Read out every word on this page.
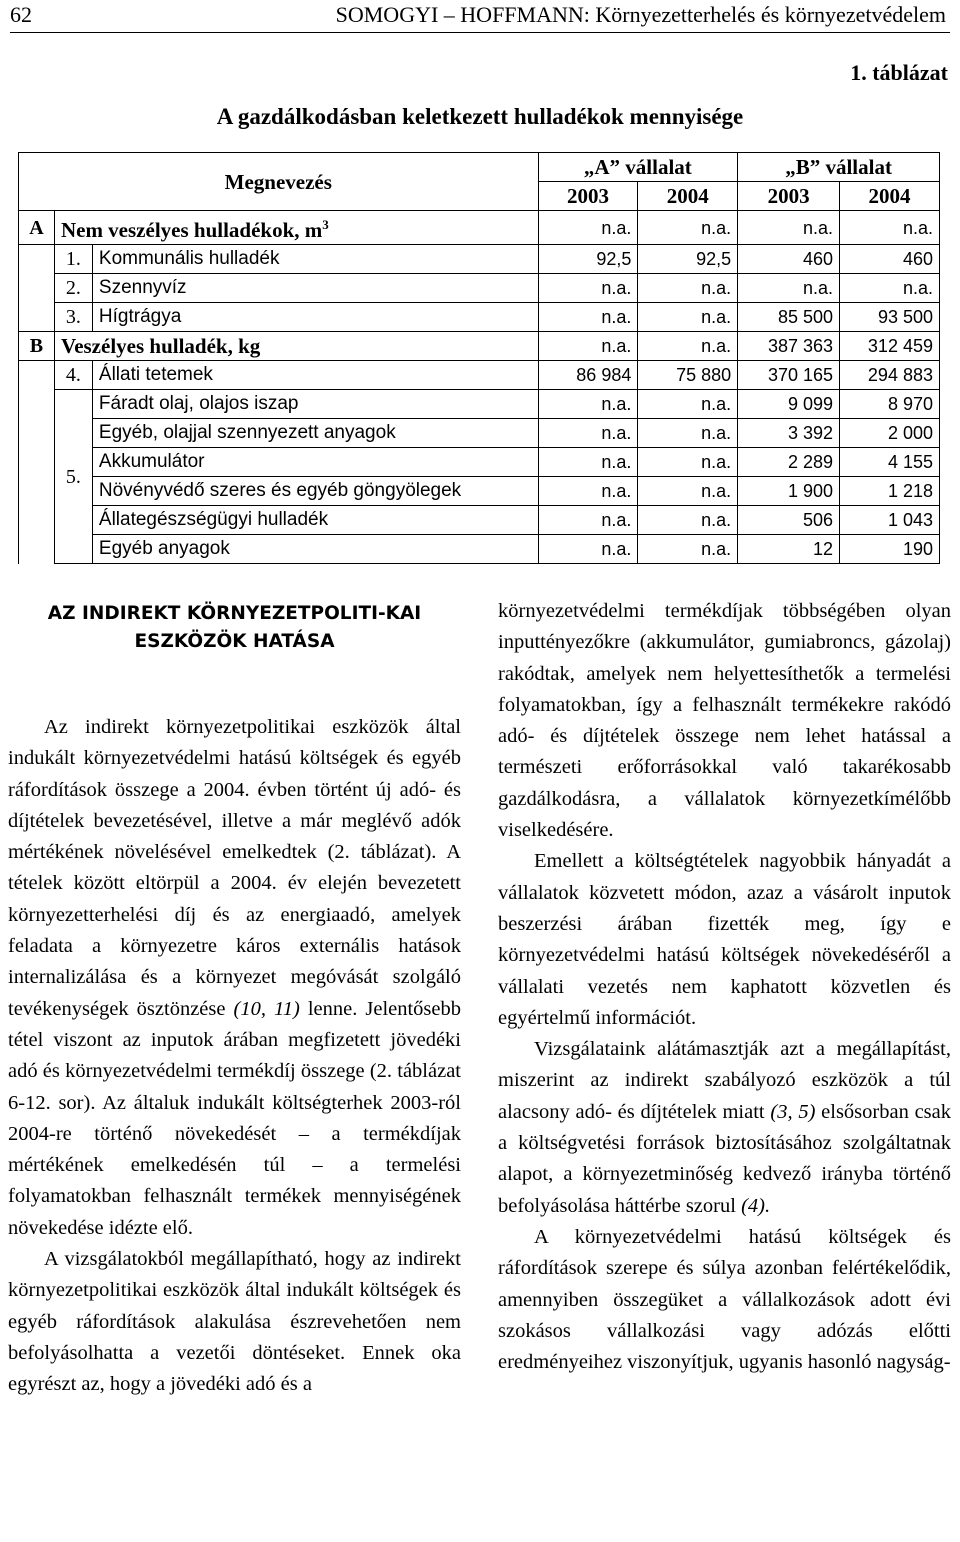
62	SOMOGYI – HOFFMANN: Környezetterhelés és környezetvédelem
1. táblázat
A gazdálkodásban keletkezett hulladékok mennyisége
Megnevezés			„A” vállalat		„B” vállalat	
			2003	2004	2003	2004
A	Nem veszélyes hulladékok, $m^3$		n.a.	n.a.	n.a.	n.a.
	1.	Kommunális hulladék	92,5	92,5	460	460
	2.	Szennyvíz	n.a.	n.a.	n.a.	n.a.
	3.	Hígtrágya	n.a.	n.a.	85 500	93 500
B	Veszélyes hulladék, kg		n.a.	n.a.	387 363	312 459
	4.	Állati tetemek	86 984	75 880	370 165	294 883
	5.	Fáradt olaj, olajos iszap	n.a.	n.a.	9 099	8 970
		Egyéb, olajjal szennyezett anyagok	n.a.	n.a.	3 392	2 000
		Akkumulátor	n.a.	n.a.	2 289	4 155
		Növényvédő szeres és egyéb göngyölegek	n.a.	n.a.	1 900	1 218
		Állategészségügyi hulladék	n.a.	n.a.	506	1 043
		Egyéb anyagok	n.a.	n.a.	12	190
AZ INDIREKT KÖRNYEZETPOLITI-KAI ESZKÖZÖK HATÁSA

Az indirekt környezetpolitikai eszközök által indukált környezetvédelmi hatású költségek és egyéb ráfordítások összege a 2004. évben történt új adó- és díjtételek bevezetésével, illetve a már meglévő adók mértékének növelésével emelkedtek (2. táblázat). A tételek között eltörpül a 2004. év elején bevezetett környezetterhelési díj és az energiaadó, amelyek feladata a környezetre káros externális hatások internalizálása és a környezet megóvását szolgáló tevékenységek ösztönzése (10, 11) lenne. Jelentősebb tétel viszont az inputok árában megfizetett jövedéki adó és környezetvédelmi termékdíj összege (2. táblázat 6-12. sor). Az általuk indukált költségterhek 2003-ról 2004-re történő növekedését – a termékdíjak mértékének emelkedésén túl – a termelési folyamatokban felhasznált termékek mennyiségének növekedése idézte elő.

A vizsgálatokból megállapítható, hogy az indirekt környezetpolitikai eszközök által indukált költségek és egyéb ráfordítások alakulása észrevehetően nem befolyásolhatta a vezetői döntéseket. Ennek oka egyrészt az, hogy a jövedéki adó és a

környezetvédelmi termékdíjak többségében olyan inputtényezőkre (akkumulátor, gumiabroncs, gázolaj) rakódtak, amelyek nem helyettesíthetők a termelési folyamatokban, így a felhasznált termékekre rakódó adó- és díjtételek összege nem lehet hatással a természeti erőforrásokkal való takarékosabb gazdálkodásra, a vállalatok környezetkímélőbb viselkedésére.

Emellett a költségtételek nagyobbik hányadát a vállalatok közvetett módon, azaz a vásárolt inputok beszerzési árában fizették meg, így e környezetvédelmi hatású költségek növekedéséről a vállalati vezetés nem kaphatott közvetlen és egyértelmű információt.

Vizsgálataink alátámasztják azt a megállapítást, miszerint az indirekt szabályozó eszközök a túl alacsony adó- és díjtételek miatt (3, 5) elsősorban csak a költségvetési források biztosításához szolgáltatnak alapot, a környezetminőség kedvező irányba történő befolyásolása háttérbe szorul (4).

A környezetvédelmi hatású költségek és ráfordítások szerepe és súlya azonban felértékelődik, amennyiben összegüket a vállalkozások adott évi szokásos vállalkozási vagy adózás előtti eredményeihez viszonyítjuk, ugyanis hasonló nagyság-
